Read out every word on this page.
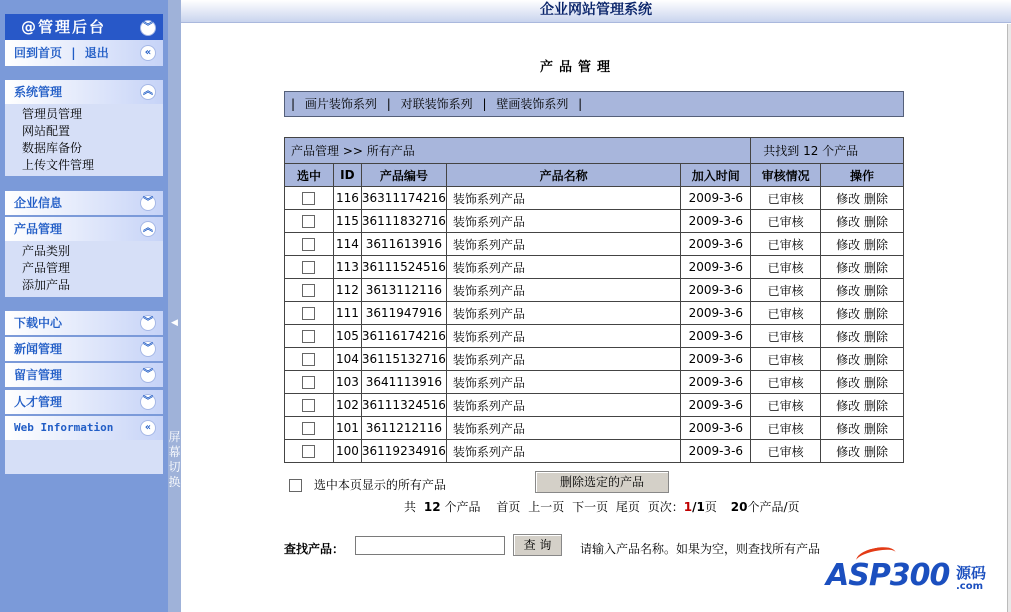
@管理后台	︾
回到首页 | 退出	«
系统管理	︽
管理员管理
网站配置
数据库备份
上传文件管理
企业信息	︾
产品管理	︽
产品类别
产品管理
添加产品
下载中心	︾
新闻管理	︾
留言管理	︾
人才管理	︾
Web Information	«
◀
屏幕切换
企业网站管理系统
产品管理
| 画片装饰系列 | 对联装饰系列 | 壁画装饰系列 |
产品管理 >> 所有产品					共找到 12 个产品	
选中	ID	产品编号	产品名称	加入时间	审核情况	操作
	116	36311174216	装饰系列产品	2009-3-6	已审核	修改 删除
	115	36111832716	装饰系列产品	2009-3-6	已审核	修改 删除
	114	3611613916	装饰系列产品	2009-3-6	已审核	修改 删除
	113	36111524516	装饰系列产品	2009-3-6	已审核	修改 删除
	112	3613112116	装饰系列产品	2009-3-6	已审核	修改 删除
	111	3611947916	装饰系列产品	2009-3-6	已审核	修改 删除
	105	36116174216	装饰系列产品	2009-3-6	已审核	修改 删除
	104	36115132716	装饰系列产品	2009-3-6	已审核	修改 删除
	103	3641113916	装饰系列产品	2009-3-6	已审核	修改 删除
	102	36111324516	装饰系列产品	2009-3-6	已审核	修改 删除
	101	3611212116	装饰系列产品	2009-3-6	已审核	修改 删除
	100	36119234916	装饰系列产品	2009-3-6	已审核	修改 删除
选中本页显示的所有产品	删除选定的产品
共 12 个产品 首页 上一页 下一页 尾页 页次：1/1页 20个产品/页
查找产品：	查 询	请输入产品名称。如果为空，则查找所有产品
ASP300 源码
.com
